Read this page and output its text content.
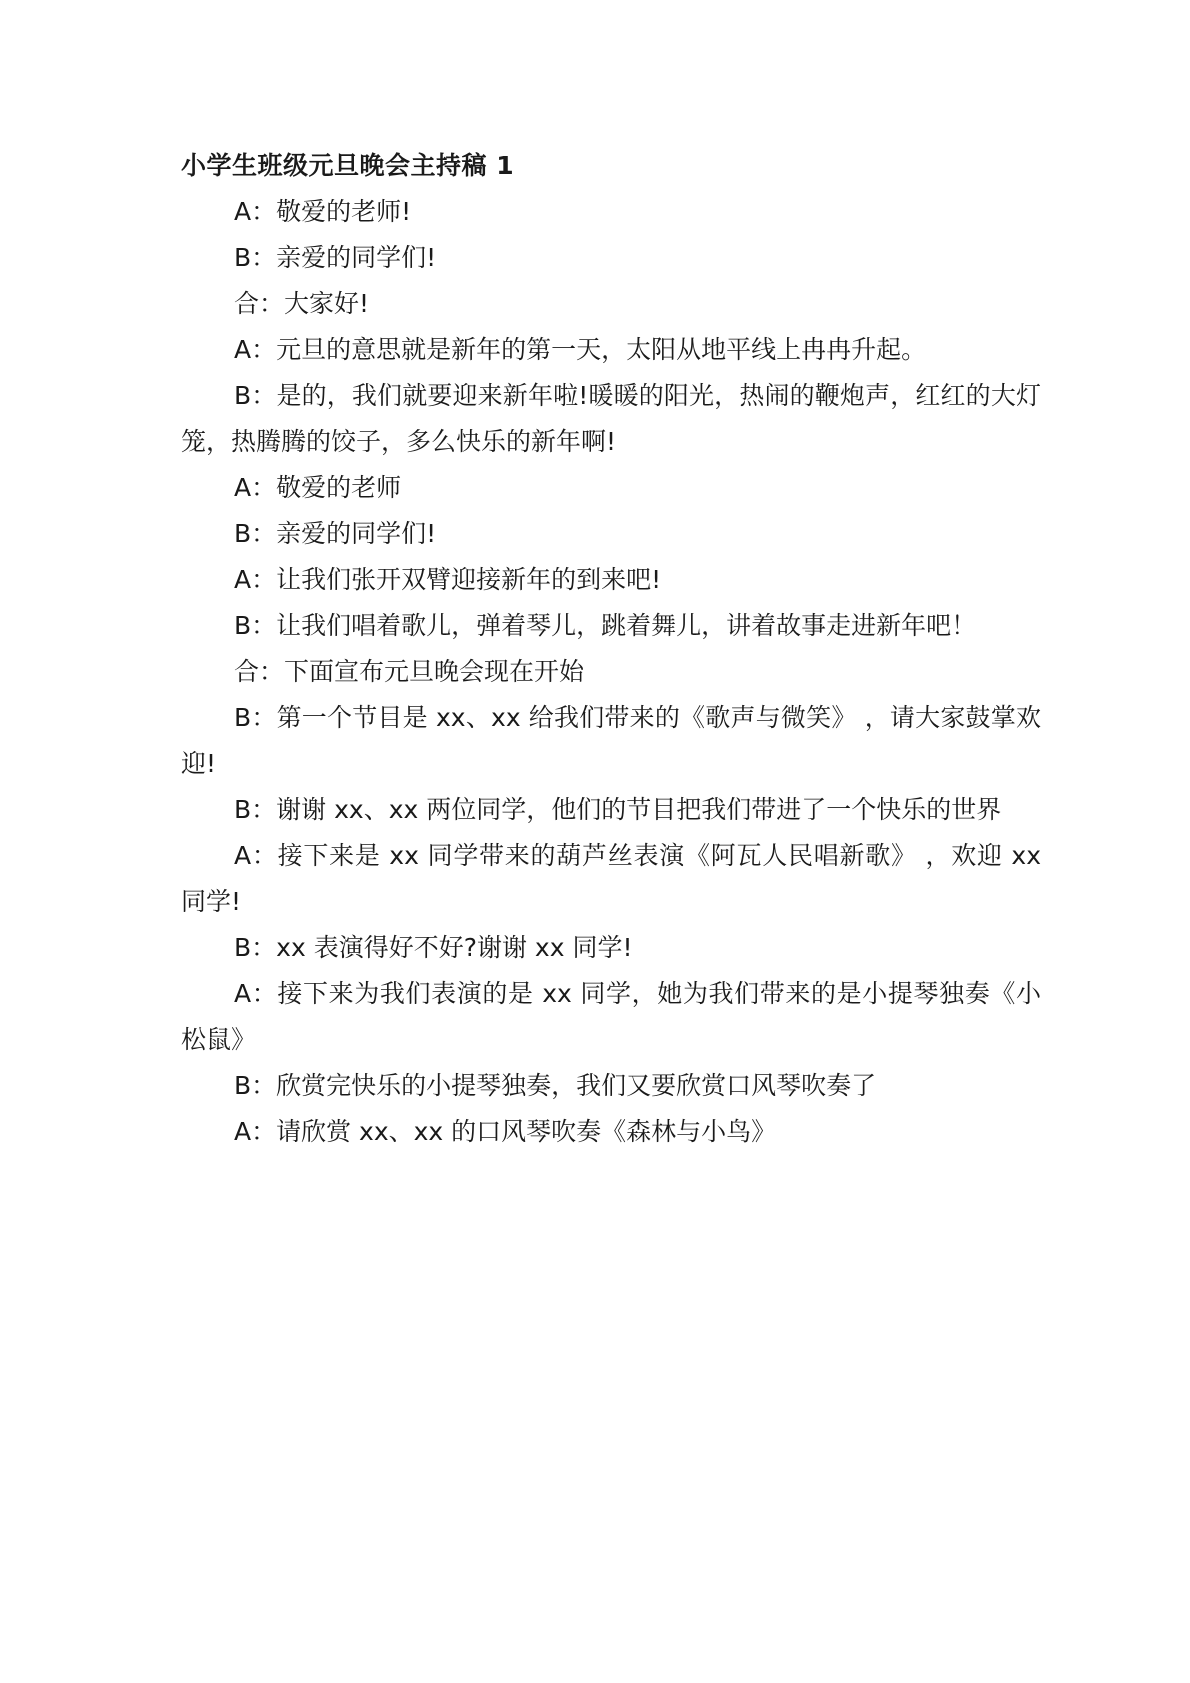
小学生班级元旦晚会主持稿 1

A：敬爱的老师!

B：亲爱的同学们!

合：大家好!

A：元旦的意思就是新年的第一天，太阳从地平线上冉冉升起。

B：是的，我们就要迎来新年啦!暖暖的阳光，热闹的鞭炮声，红红的大灯笼，热腾腾的饺子，多么快乐的新年啊!

A：敬爱的老师

B：亲爱的同学们!

A：让我们张开双臂迎接新年的到来吧!

B：让我们唱着歌儿，弹着琴儿，跳着舞儿，讲着故事走进新年吧！

合：下面宣布元旦晚会现在开始

B：第一个节目是 xx、xx 给我们带来的《歌声与微笑》 ，请大家鼓掌欢迎!

B：谢谢 xx、xx 两位同学，他们的节目把我们带进了一个快乐的世界

A：接下来是 xx 同学带来的葫芦丝表演《阿瓦人民唱新歌》 ，欢迎 xx 同学!

B：xx 表演得好不好?谢谢 xx 同学!

A：接下来为我们表演的是 xx 同学，她为我们带来的是小提琴独奏《小松鼠》

B：欣赏完快乐的小提琴独奏，我们又要欣赏口风琴吹奏了

A：请欣赏 xx、xx 的口风琴吹奏《森林与小鸟》
